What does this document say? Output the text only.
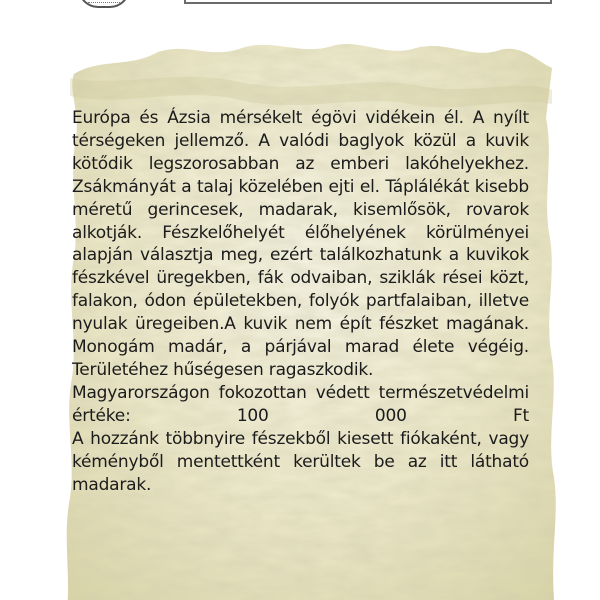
Európa és Ázsia mérsékelt égövi vidékein él. A nyílt térségeken jellemző. A valódi baglyok közül a kuvik kötődik legszorosabban az emberi lakóhelyekhez. Zsákmányát a talaj közelében ejti el. Táplálékát kisebb méretű gerincesek, madarak, kisemlősök, rovarok alkotják. Fészkelőhelyét élőhelyének körülményei alapján választja meg, ezért találkozhatunk a kuvikok fészkével üregekben, fák odvaiban, sziklák rései közt, falakon, ódon épületekben, folyók partfalaiban, illetve nyulak üregeiben.A kuvik nem épít fészket magának. Monogám madár, a párjával marad élete végéig. Területéhez hűségesen ragaszkodik.

Magyarországon fokozottan védett természetvédelmi értéke: 100 000 Ft

A hozzánk többnyire fészekből kiesett fiókaként, vagy kéményből mentettként kerültek be az itt látható madarak.
